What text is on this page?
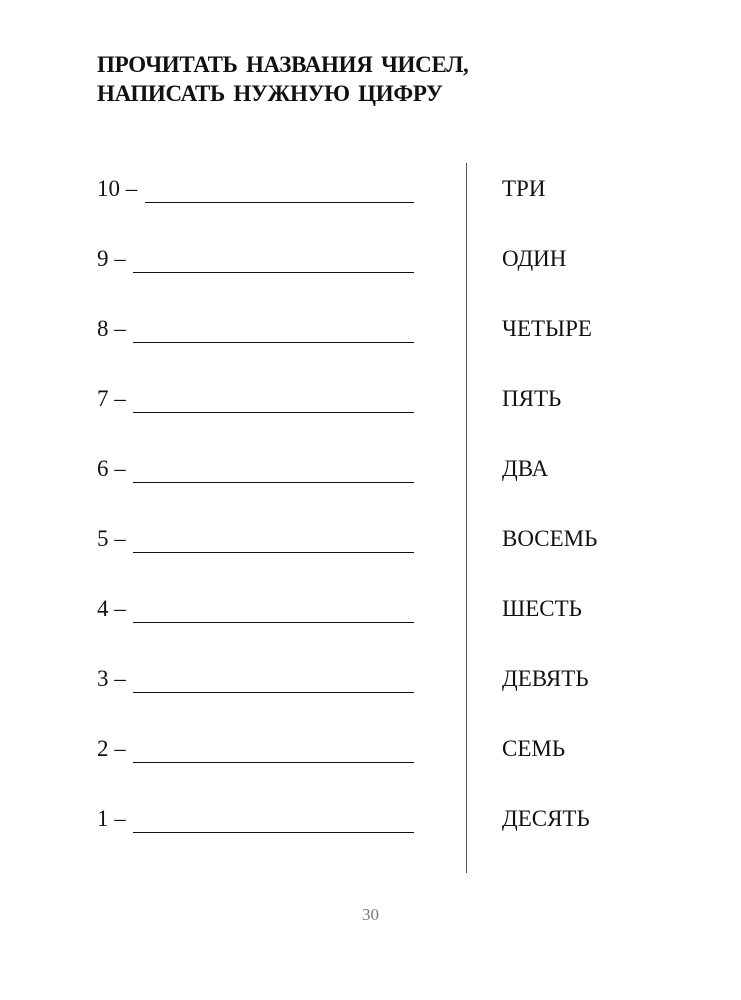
ПРОЧИТАТЬ НАЗВАНИЯ ЧИСЕЛ,
НАПИСАТЬ НУЖНУЮ ЦИФРУ
10 –
9 –
8 –
7 –
6 –
5 –
4 –
3 –
2 –
1 –
ТРИ
ОДИН
ЧЕТЫРЕ
ПЯТЬ
ДВА
ВОСЕМЬ
ШЕСТЬ
ДЕВЯТЬ
СЕМЬ
ДЕСЯТЬ
30
